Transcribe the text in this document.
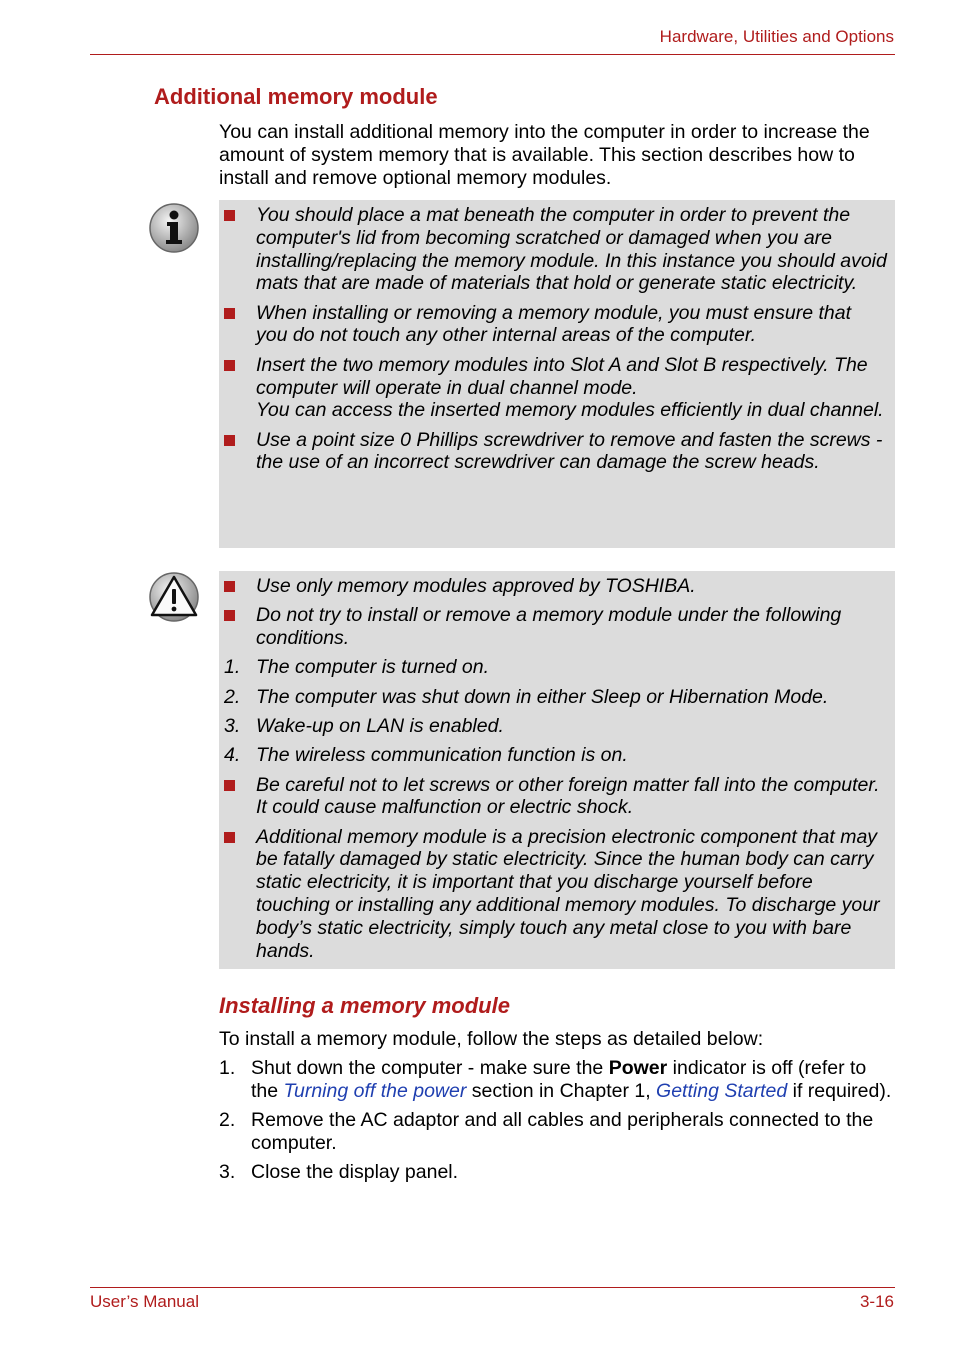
Hardware, Utilities and Options
Additional memory module

You can install additional memory into the computer in order to increase the amount of system memory that is available. This section describes how to install and remove optional memory modules.

You should place a mat beneath the computer in order to prevent the computer's lid from becoming scratched or damaged when you are installing/replacing the memory module. In this instance you should avoid mats that are made of materials that hold or generate static electricity.
When installing or removing a memory module, you must ensure that you do not touch any other internal areas of the computer.
Insert the two memory modules into Slot A and Slot B respectively. The computer will operate in dual channel mode.
You can access the inserted memory modules efficiently in dual channel.
Use a point size 0 Phillips screwdriver to remove and fasten the screws - the use of an incorrect screwdriver can damage the screw heads.
Use only memory modules approved by TOSHIBA.
Do not try to install or remove a memory module under the following conditions.
1. The computer is turned on.
2. The computer was shut down in either Sleep or Hibernation Mode.
3. Wake-up on LAN is enabled.
4. The wireless communication function is on.
Be careful not to let screws or other foreign matter fall into the computer. It could cause malfunction or electric shock.
Additional memory module is a precision electronic component that may be fatally damaged by static electricity. Since the human body can carry static electricity, it is important that you discharge yourself before touching or installing any additional memory modules. To discharge your body’s static electricity, simply touch any metal close to you with bare hands.
Installing a memory module

To install a memory module, follow the steps as detailed below:

1. Shut down the computer - make sure the Power indicator is off (refer to the Turning off the power section in Chapter 1, Getting Started if required).
2. Remove the AC adaptor and all cables and peripherals connected to the computer.
3. Close the display panel.
User’s Manual	3-16
